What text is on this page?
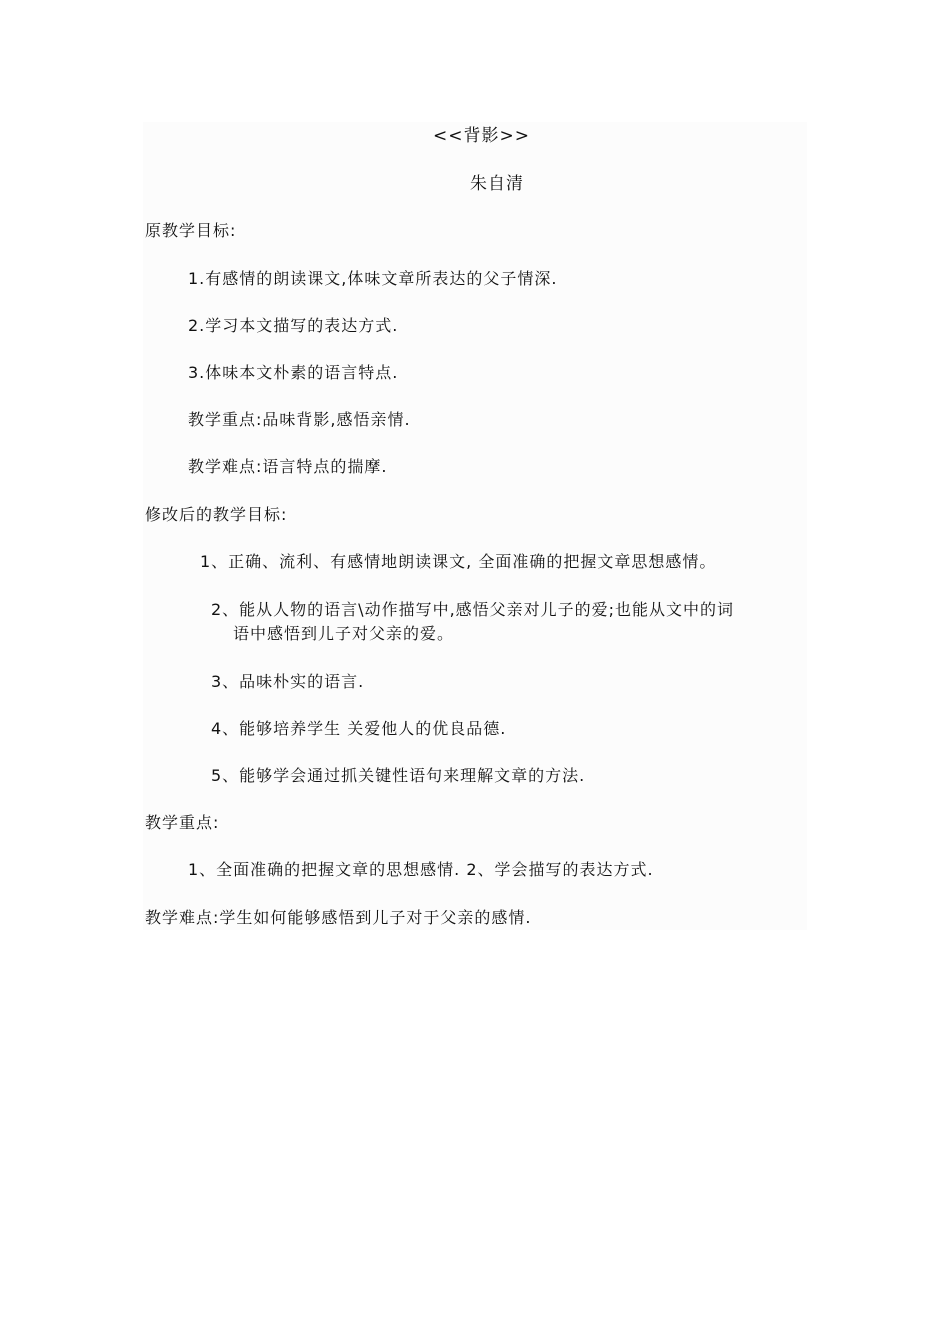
<<背影>>
朱自清
原教学目标:
1.有感情的朗读课文,体味文章所表达的父子情深.
2.学习本文描写的表达方式.
3.体味本文朴素的语言特点.
教学重点:品味背影,感悟亲情.
教学难点:语言特点的揣摩.
修改后的教学目标:
1、正确、流利、有感情地朗读课文, 全面准确的把握文章思想感情。
2、能从人物的语言\动作描写中,感悟父亲对儿子的爱;也能从文中的词
语中感悟到儿子对父亲的爱。
3、品味朴实的语言.
4、能够培养学生 关爱他人的优良品德.
5、能够学会通过抓关键性语句来理解文章的方法.
教学重点:
1、全面准确的把握文章的思想感情. 2、学会描写的表达方式.
教学难点:学生如何能够感悟到儿子对于父亲的感情.
